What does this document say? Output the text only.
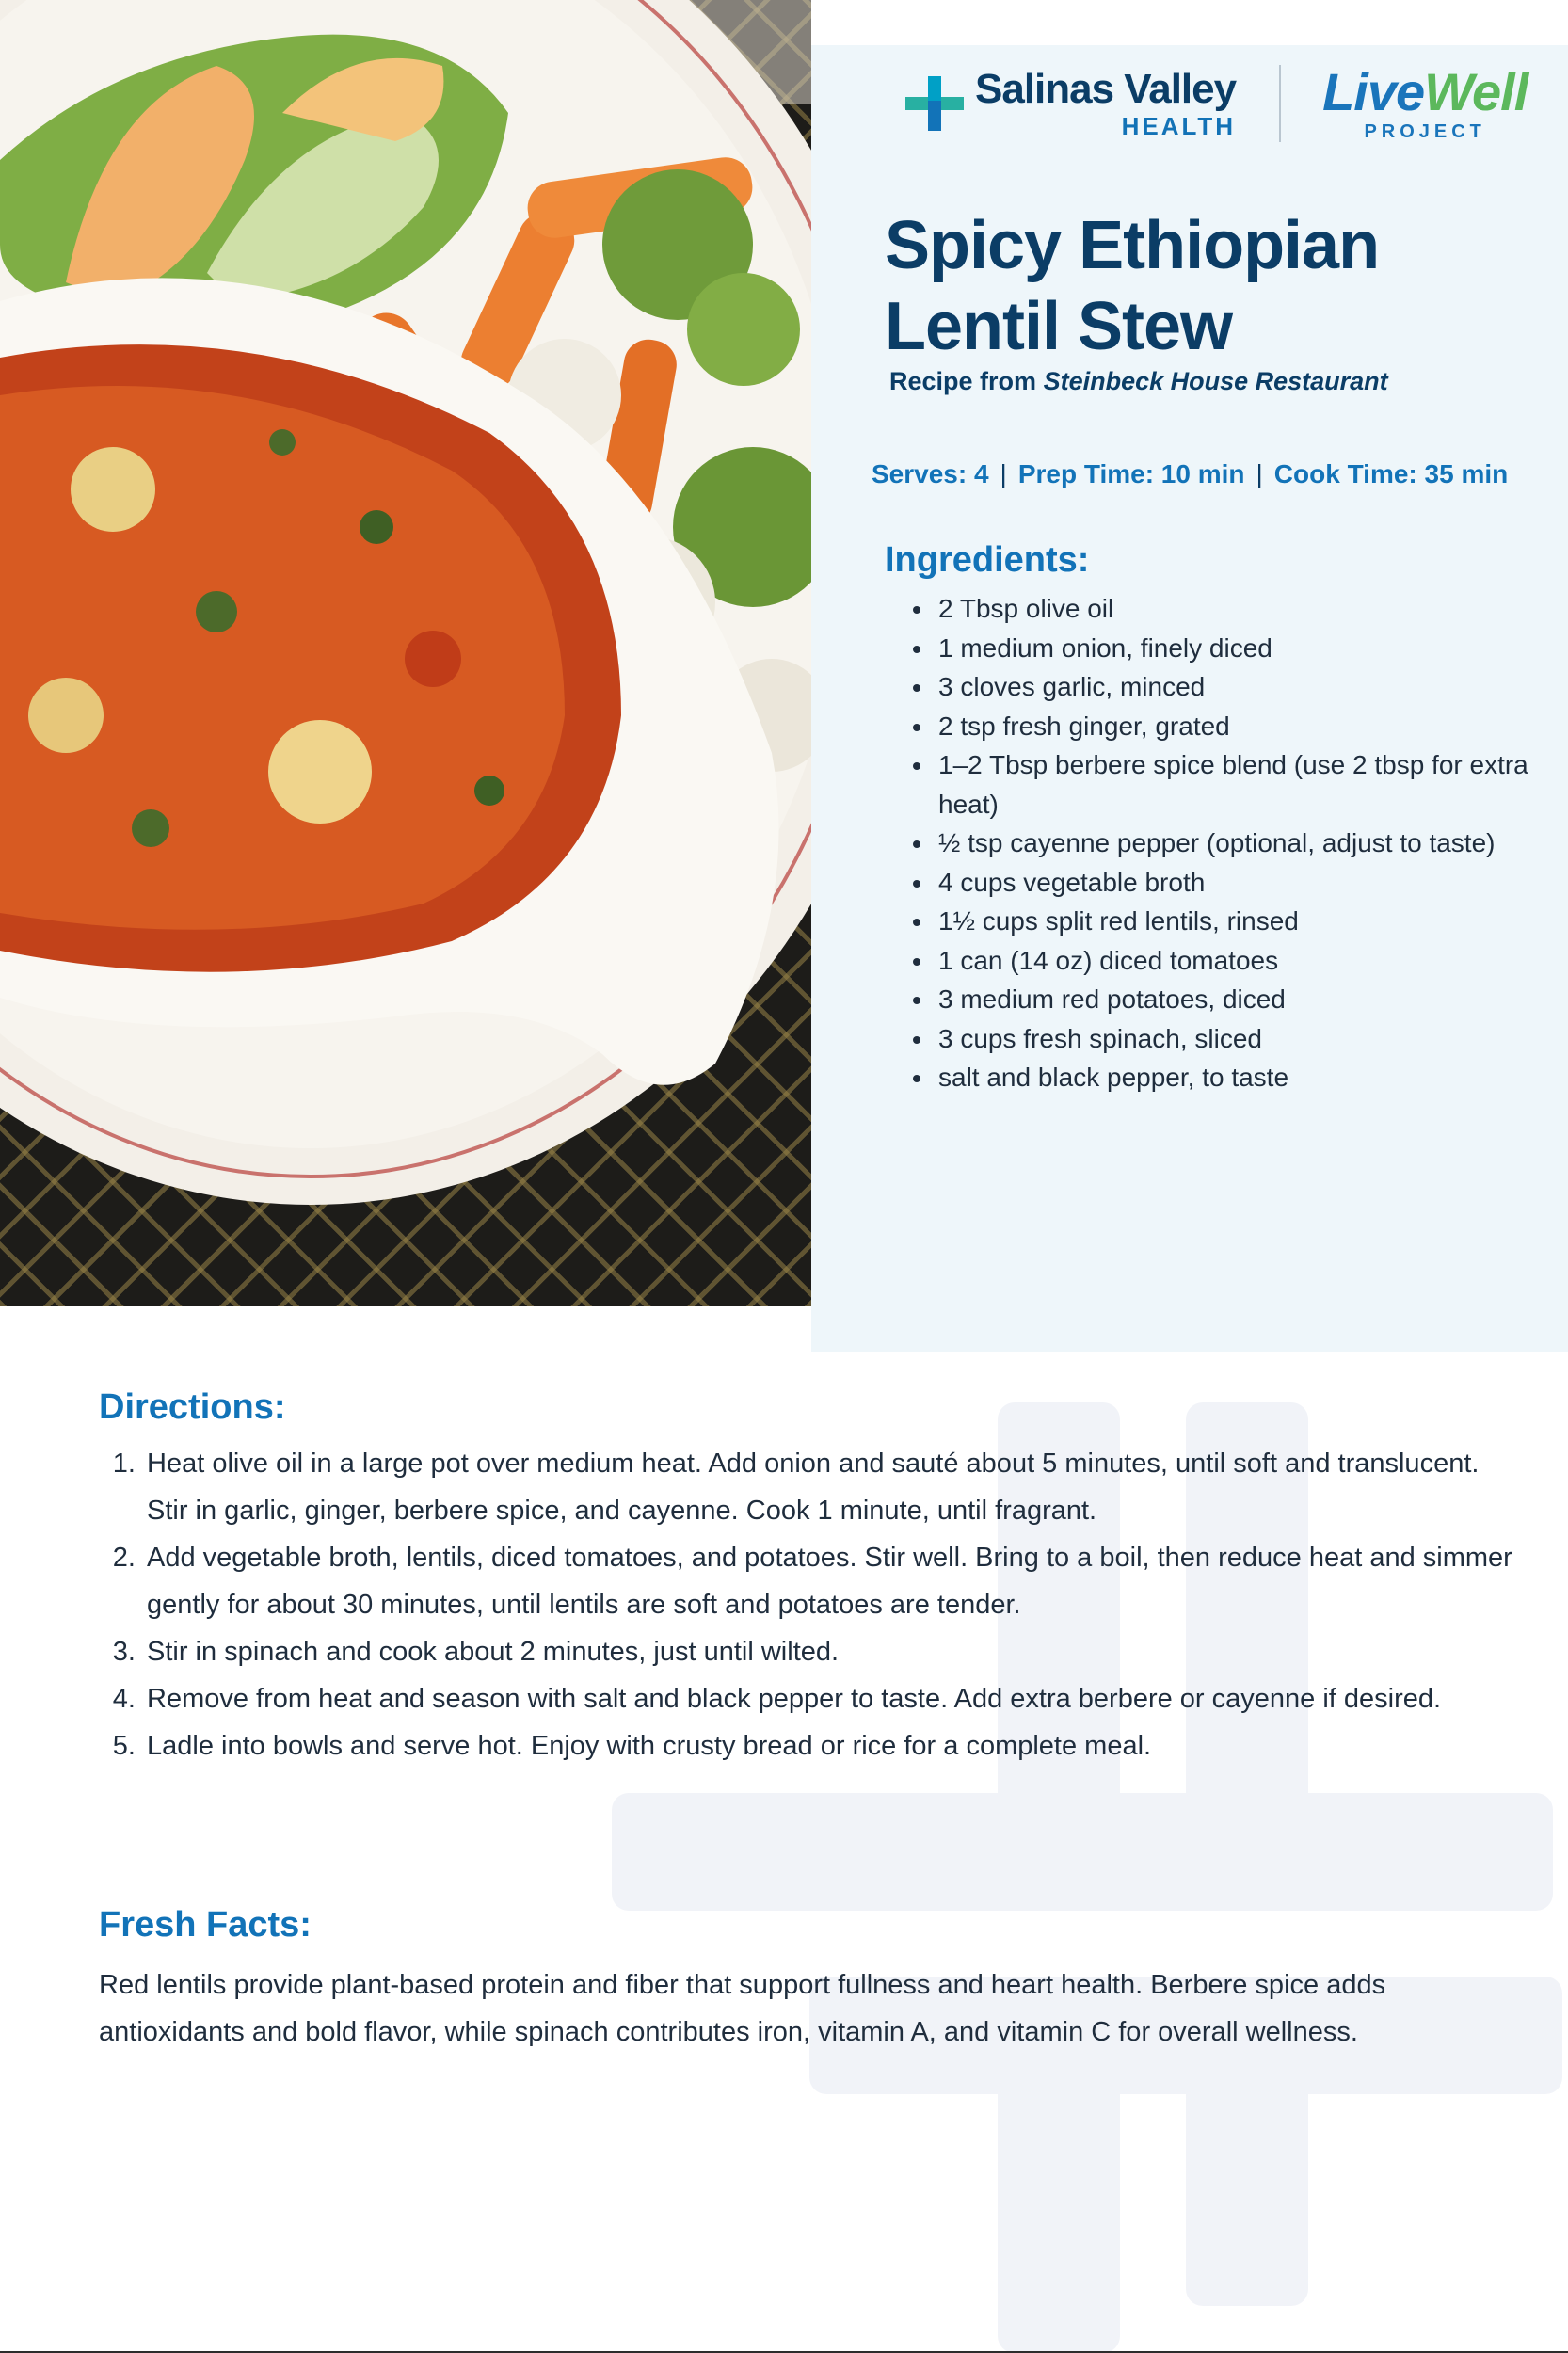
Salinas Valley
HEALTH
LiveWell
PROJECT
Spicy Ethiopian Lentil Stew
Recipe from Steinbeck House Restaurant
Serves: 4 | Prep Time: 10 min | Cook Time: 35 min
Ingredients:
• 2 Tbsp olive oil
• 1 medium onion, finely diced
• 3 cloves garlic, minced
• 2 tsp fresh ginger, grated
• 1–2 Tbsp berbere spice blend (use 2 tbsp for extra heat)
• ½ tsp cayenne pepper (optional, adjust to taste)
• 4 cups vegetable broth
• 1½ cups split red lentils, rinsed
• 1 can (14 oz) diced tomatoes
• 3 medium red potatoes, diced
• 3 cups fresh spinach, sliced
• salt and black pepper, to taste
Directions:
1. Heat olive oil in a large pot over medium heat. Add onion and sauté about 5 minutes, until soft and translucent. Stir in garlic, ginger, berbere spice, and cayenne. Cook 1 minute, until fragrant.
2. Add vegetable broth, lentils, diced tomatoes, and potatoes. Stir well. Bring to a boil, then reduce heat and simmer gently for about 30 minutes, until lentils are soft and potatoes are tender.
3. Stir in spinach and cook about 2 minutes, just until wilted.
4. Remove from heat and season with salt and black pepper to taste. Add extra berbere or cayenne if desired.
5. Ladle into bowls and serve hot. Enjoy with crusty bread or rice for a complete meal.
Fresh Facts:

Red lentils provide plant-based protein and fiber that support fullness and heart health. Berbere spice adds antioxidants and bold flavor, while spinach contributes iron, vitamin A, and vitamin C for overall wellness.
